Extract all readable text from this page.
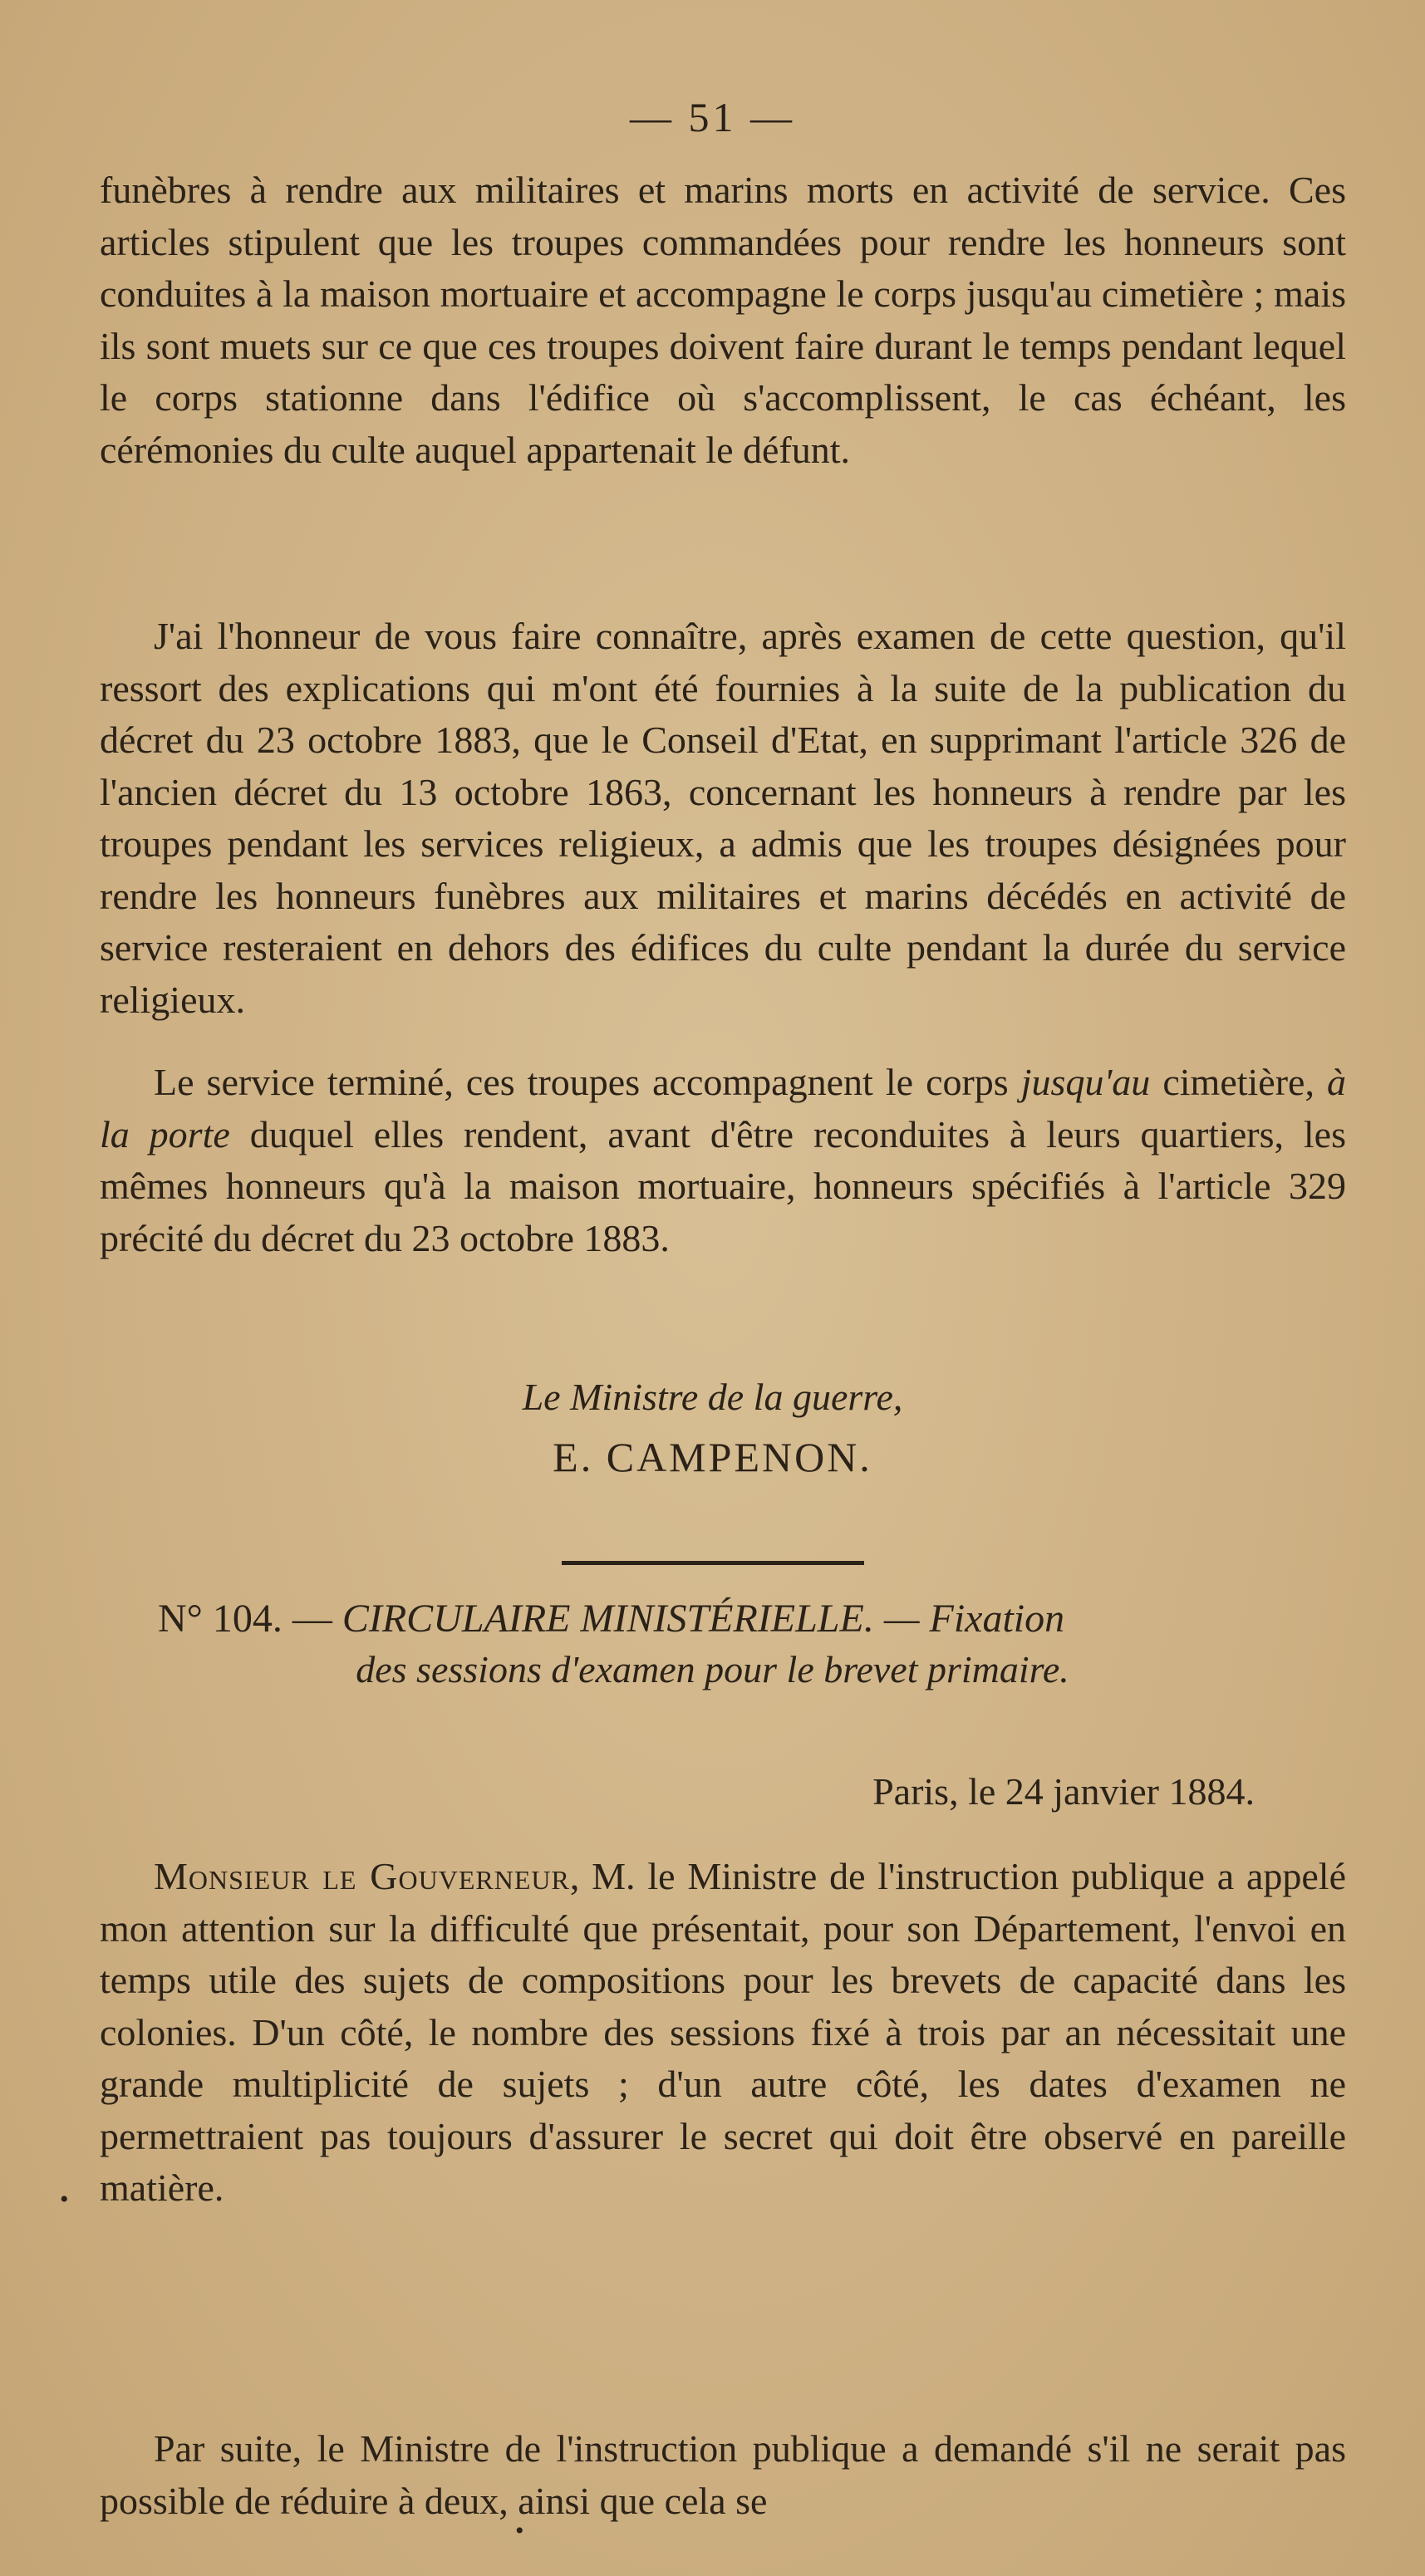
— 51 —

funèbres à rendre aux militaires et marins morts en activité de service. Ces articles stipulent que les troupes commandées pour rendre les honneurs sont conduites à la maison mortuaire et accompagne le corps jusqu'au cimetière ; mais ils sont muets sur ce que ces troupes doivent faire durant le temps pendant lequel le corps stationne dans l'édifice où s'accomplissent, le cas échéant, les cérémonies du culte auquel appartenait le défunt.

J'ai l'honneur de vous faire connaître, après examen de cette question, qu'il ressort des explications qui m'ont été fournies à la suite de la publication du décret du 23 octobre 1883, que le Conseil d'Etat, en supprimant l'article 326 de l'ancien décret du 13 octobre 1863, concernant les honneurs à rendre par les troupes pendant les services religieux, a admis que les troupes désignées pour rendre les honneurs funèbres aux militaires et marins décédés en activité de service resteraient en dehors des édifices du culte pendant la durée du service religieux.

Le service terminé, ces troupes accompagnent le corps jusqu'au cimetière, à la porte duquel elles rendent, avant d'être reconduites à leurs quartiers, les mêmes honneurs qu'à la maison mortuaire, honneurs spécifiés à l'article 329 précité du décret du 23 octobre 1883.

Le Ministre de la guerre,
E. CAMPENON.
N° 104. — CIRCULAIRE MINISTÉRIELLE. — Fixation
des sessions d'examen pour le brevet primaire.
Paris, le 24 janvier 1884.

Monsieur le Gouverneur, M. le Ministre de l'instruction publique a appelé mon attention sur la difficulté que présentait, pour son Département, l'envoi en temps utile des sujets de compositions pour les brevets de capacité dans les colonies. D'un côté, le nombre des sessions fixé à trois par an nécessitait une grande multiplicité de sujets ; d'un autre côté, les dates d'examen ne permettraient pas toujours d'assurer le secret qui doit être observé en pareille matière.

Par suite, le Ministre de l'instruction publique a demandé s'il ne serait pas possible de réduire à deux, ainsi que cela se

•
•
